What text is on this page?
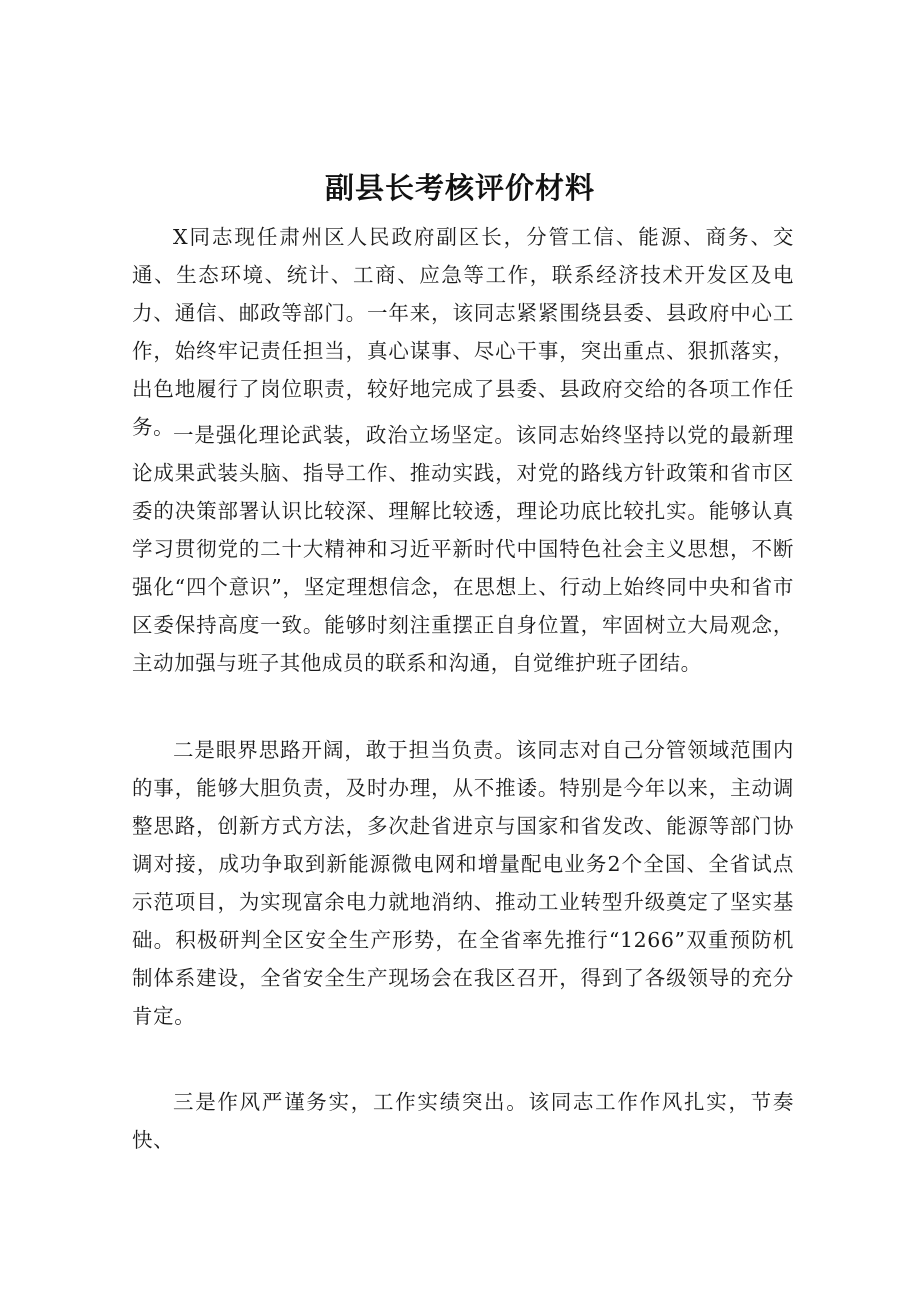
副县长考核评价材料

X同志现任肃州区人民政府副区长，分管工信、能源、商务、交通、生态环境、统计、工商、应急等工作，联系经济技术开发区及电力、通信、邮政等部门。一年来，该同志紧紧围绕县委、县政府中心工作，始终牢记责任担当，真心谋事、尽心干事，突出重点、狠抓落实，出色地履行了岗位职责，较好地完成了县委、县政府交给的各项工作任务。

一是强化理论武装，政治立场坚定。该同志始终坚持以党的最新理论成果武装头脑、指导工作、推动实践，对党的路线方针政策和省市区委的决策部署认识比较深、理解比较透，理论功底比较扎实。能够认真学习贯彻党的二十大精神和习近平新时代中国特色社会主义思想，不断强化“四个意识”，坚定理想信念，在思想上、行动上始终同中央和省市区委保持高度一致。能够时刻注重摆正自身位置，牢固树立大局观念，主动加强与班子其他成员的联系和沟通，自觉维护班子团结。

二是眼界思路开阔，敢于担当负责。该同志对自己分管领域范围内的事，能够大胆负责，及时办理，从不推诿。特别是今年以来，主动调整思路，创新方式方法，多次赴省进京与国家和省发改、能源等部门协调对接，成功争取到新能源微电网和增量配电业务2个全国、全省试点示范项目，为实现富余电力就地消纳、推动工业转型升级奠定了坚实基础。积极研判全区安全生产形势，在全省率先推行“1266”双重预防机制体系建设，全省安全生产现场会在我区召开，得到了各级领导的充分肯定。

三是作风严谨务实，工作实绩突出。该同志工作作风扎实，节奏快、
